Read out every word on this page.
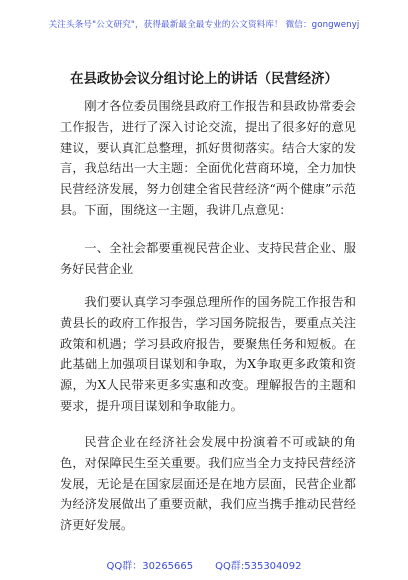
关注头条号"公文研究"，获得最新最全最专业的公文资料库！ 微信：gongwenyj
在县政协会议分组讨论上的讲话（民营经济）

刚才各位委员围绕县政府工作报告和县政协常委会工作报告，进行了深入讨论交流，提出了很多好的意见建议，要认真汇总整理，抓好贯彻落实。结合大家的发言，我总结出一大主题：全面优化营商环境，全力加快民营经济发展，努力创建全省民营经济“两个健康”示范县。下面，围绕这一主题，我讲几点意见：

一、全社会都要重视民营企业、支持民营企业、服务好民营企业

我们要认真学习李强总理所作的国务院工作报告和黄县长的政府工作报告，学习国务院报告，要重点关注政策和机遇；学习县政府报告，要聚焦任务和短板。在此基础上加强项目谋划和争取，为X争取更多政策和资源，为X人民带来更多实惠和改变。理解报告的主题和要求，提升项目谋划和争取能力。

民营企业在经济社会发展中扮演着不可或缺的角色，对保障民生至关重要。我们应当全力支持民营经济发展，无论是在国家层面还是在地方层面，民营企业都为经济发展做出了重要贡献，我们应当携手推动民营经济更好发展。

QQ群：30265665 QQ群:535304092
